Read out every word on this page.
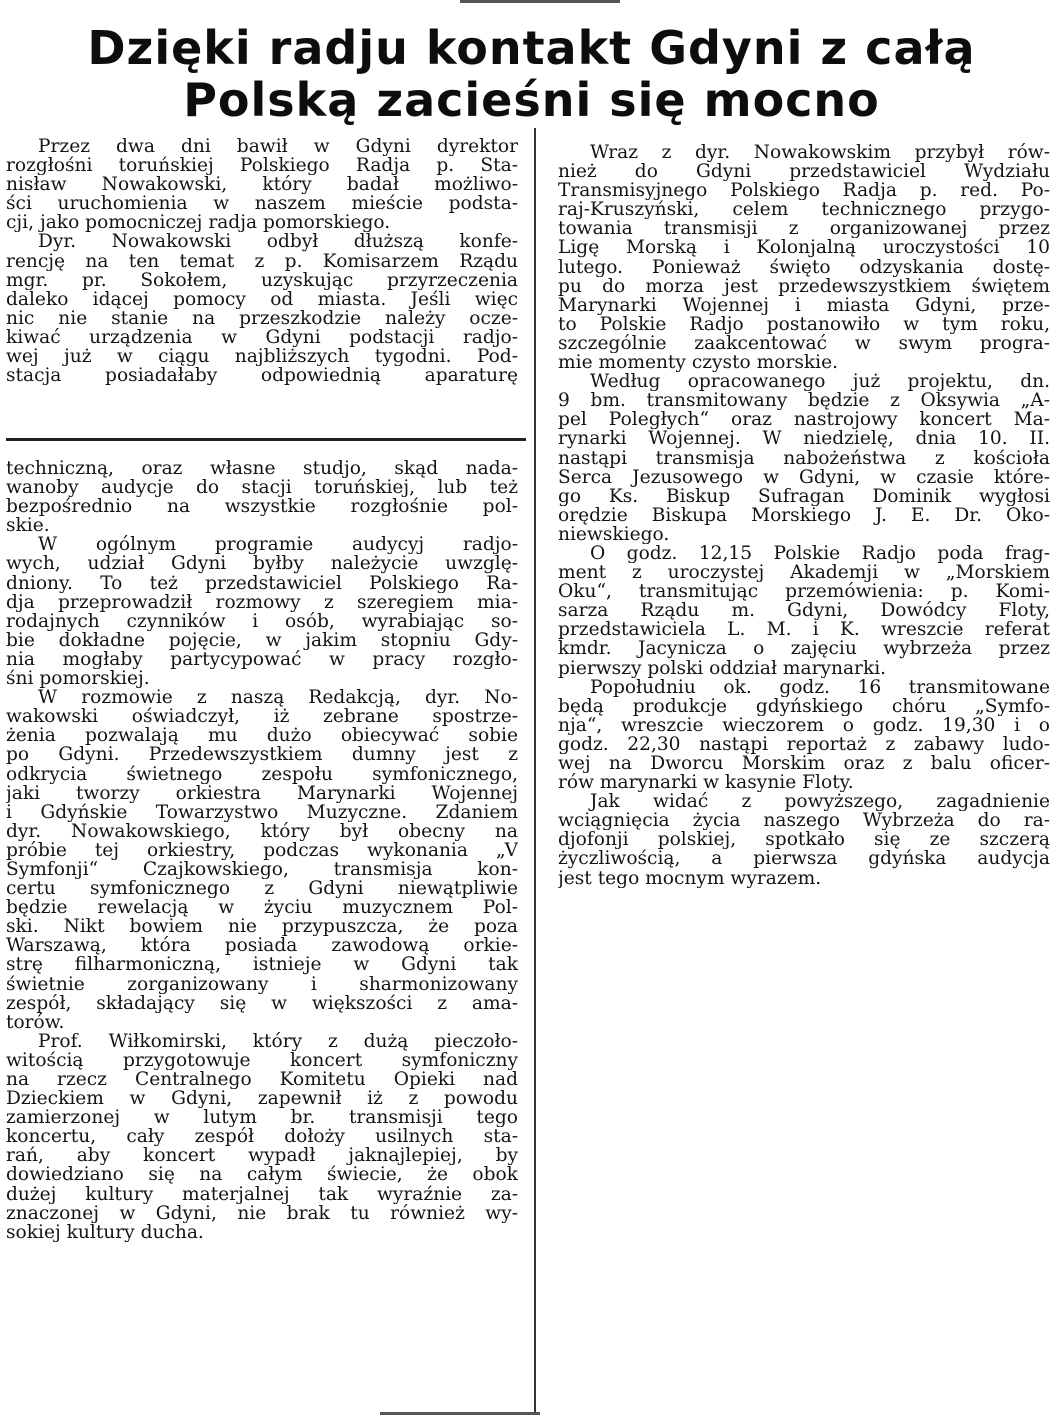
Dzięki radju kontakt Gdyni z całą
Polską zacieśni się mocno
Przez dwa dni bawił w Gdyni dyrektor
rozgłośni toruńskiej Polskiego Radja p. Sta-
nisław Nowakowski, który badał możliwo-
ści uruchomienia w naszem mieście podsta-
cji, jako pomocniczej radja pomorskiego.
Dyr. Nowakowski odbył dłuższą konfe-
rencję na ten temat z p. Komisarzem Rządu
mgr. pr. Sokołem, uzyskując przyrzeczenia
daleko idącej pomocy od miasta. Jeśli więc
nic nie stanie na przeszkodzie należy ocze-
kiwać urządzenia w Gdyni podstacji radjo-
wej już w ciągu najbliższych tygodni. Pod-
stacja posiadałaby odpowiednią aparaturę
techniczną, oraz własne studjo, skąd nada-
wanoby audycje do stacji toruńskiej, lub też
bezpośrednio na wszystkie rozgłośnie pol-
skie.
W ogólnym programie audycyj radjo-
wych, udział Gdyni byłby należycie uwzglę-
dniony. To też przedstawiciel Polskiego Ra-
dja przeprowadził rozmowy z szeregiem mia-
rodajnych czynników i osób, wyrabiając so-
bie dokładne pojęcie, w jakim stopniu Gdy-
nia mogłaby partycypować w pracy rozgło-
śni pomorskiej.
W rozmowie z naszą Redakcją, dyr. No-
wakowski oświadczył, iż zebrane spostrze-
żenia pozwalają mu dużo obiecywać sobie
po Gdyni. Przedewszystkiem dumny jest z
odkrycia świetnego zespołu symfonicznego,
jaki tworzy orkiestra Marynarki Wojennej
i Gdyńskie Towarzystwo Muzyczne. Zdaniem
dyr. Nowakowskiego, który był obecny na
próbie tej orkiestry, podczas wykonania „V
Symfonji“ Czajkowskiego, transmisja kon-
certu symfonicznego z Gdyni niewątpliwie
będzie rewelacją w życiu muzycznem Pol-
ski. Nikt bowiem nie przypuszcza, że poza
Warszawą, która posiada zawodową orkie-
strę filharmoniczną, istnieje w Gdyni tak
świetnie zorganizowany i sharmonizowany
zespół, składający się w większości z ama-
torów.
Prof. Wiłkomirski, który z dużą pieczoło-
witością przygotowuje koncert symfoniczny
na rzecz Centralnego Komitetu Opieki nad
Dzieckiem w Gdyni, zapewnił iż z powodu
zamierzonej w lutym br. transmisji tego
koncertu, cały zespół dołoży usilnych sta-
rań, aby koncert wypadł jaknajlepiej, by
dowiedziano się na całym świecie, że obok
dużej kultury materjalnej tak wyraźnie za-
znaczonej w Gdyni, nie brak tu również wy-
sokiej kultury ducha.
Wraz z dyr. Nowakowskim przybył rów-
nież do Gdyni przedstawiciel Wydziału
Transmisyjnego Polskiego Radja p. red. Po-
raj-Kruszyński, celem technicznego przygo-
towania transmisji z organizowanej przez
Ligę Morską i Kolonjalną uroczystości 10
lutego. Ponieważ święto odzyskania dostę-
pu do morza jest przedewszystkiem świętem
Marynarki Wojennej i miasta Gdyni, prze-
to Polskie Radjo postanowiło w tym roku,
szczególnie zaakcentować w swym progra-
mie momenty czysto morskie.
Według opracowanego już projektu, dn.
9 bm. transmitowany będzie z Oksywia „A-
pel Poległych“ oraz nastrojowy koncert Ma-
rynarki Wojennej. W niedzielę, dnia 10. II.
nastąpi transmisja nabożeństwa z kościoła
Serca Jezusowego w Gdyni, w czasie które-
go Ks. Biskup Sufragan Dominik wygłosi
orędzie Biskupa Morskiego J. E. Dr. Oko-
niewskiego.
O godz. 12,15 Polskie Radjo poda frag-
ment z uroczystej Akademji w „Morskiem
Oku“, transmitując przemówienia: p. Komi-
sarza Rządu m. Gdyni, Dowódcy Floty,
przedstawiciela L. M. i K. wreszcie referat
kmdr. Jacynicza o zajęciu wybrzeża przez
pierwszy polski oddział marynarki.
Popołudniu ok. godz. 16 transmitowane
będą produkcje gdyńskiego chóru „Symfo-
nja“, wreszcie wieczorem o godz. 19,30 i o
godz. 22,30 nastąpi reportaż z zabawy ludo-
wej na Dworcu Morskim oraz z balu oficer-
rów marynarki w kasynie Floty.
Jak widać z powyższego, zagadnienie
wciągnięcia życia naszego Wybrzeża do ra-
djofonji polskiej, spotkało się ze szczerą
życzliwością, a pierwsza gdyńska audycja
jest tego mocnym wyrazem.
